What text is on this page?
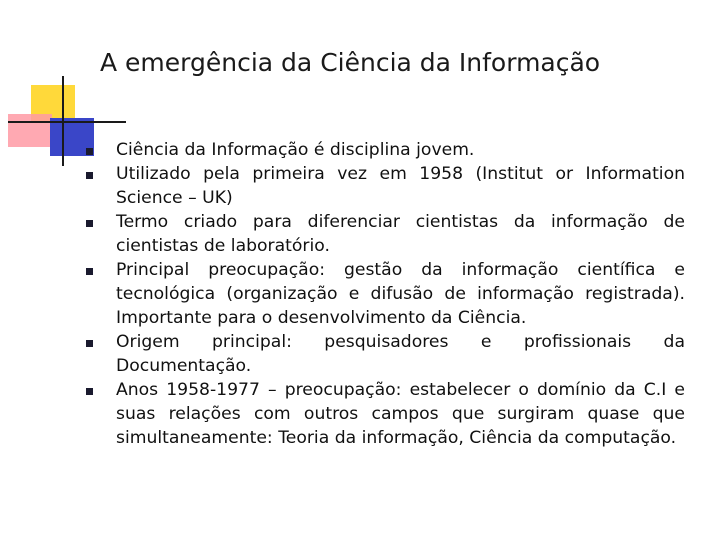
A emergência da Ciência da Informação
Ciência da Informação é disciplina jovem.
Utilizado pela primeira vez em 1958 (Institut or Information Science – UK)
Termo criado para diferenciar cientistas da informação de cientistas de laboratório.
Principal preocupação: gestão da informação científica e tecnológica (organização e difusão de informação registrada). Importante para o desenvolvimento da Ciência.
Origem principal: pesquisadores e profissionais da Documentação.
Anos 1958-1977 – preocupação: estabelecer o domínio da C.I e suas relações com outros campos que surgiram quase que simultaneamente: Teoria da informação, Ciência da computação.
